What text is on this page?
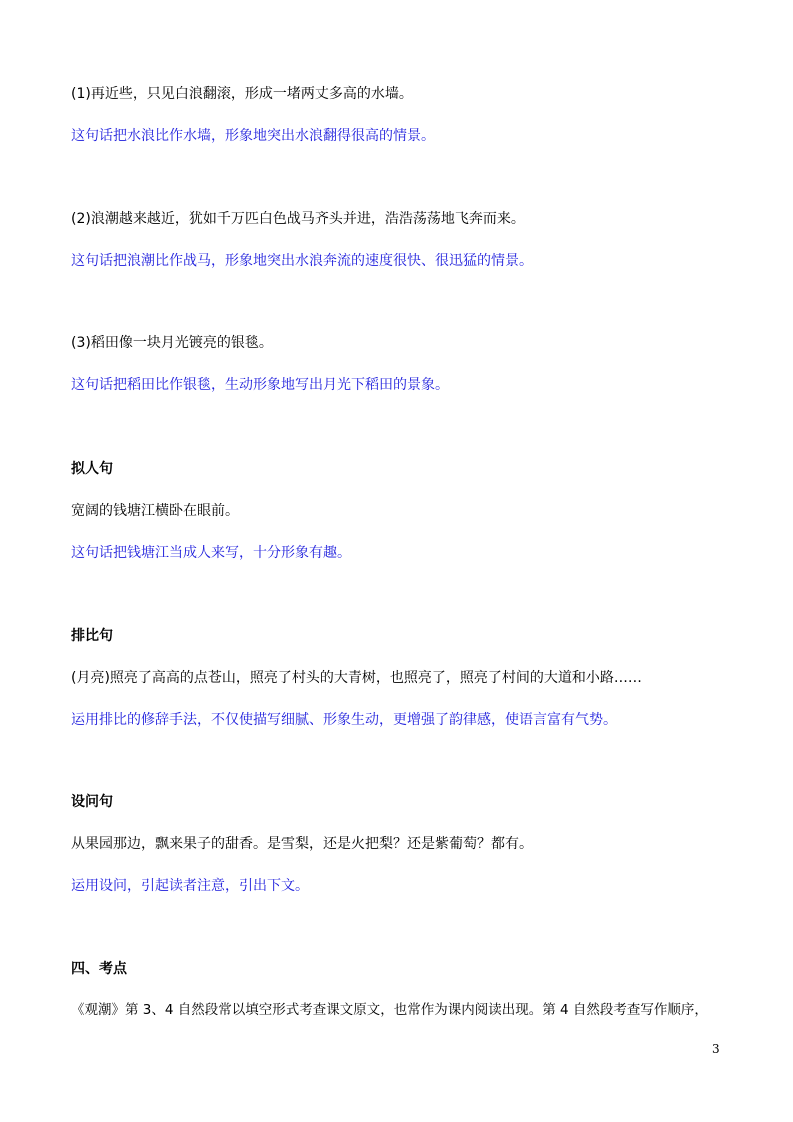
(1)再近些，只见白浪翻滚，形成一堵两丈多高的水墙。
这句话把水浪比作水墙，形象地突出水浪翻得很高的情景。
(2)浪潮越来越近，犹如千万匹白色战马齐头并进，浩浩荡荡地飞奔而来。
这句话把浪潮比作战马，形象地突出水浪奔流的速度很快、很迅猛的情景。
(3)稻田像一块月光镀亮的银毯。
这句话把稻田比作银毯，生动形象地写出月光下稻田的景象。
拟人句
宽阔的钱塘江横卧在眼前。
这句话把钱塘江当成人来写，十分形象有趣。
排比句
(月亮)照亮了高高的点苍山，照亮了村头的大青树，也照亮了，照亮了村间的大道和小路……
运用排比的修辞手法，不仅使描写细腻、形象生动，更增强了韵律感，使语言富有气势。
设问句
从果园那边，飘来果子的甜香。是雪梨，还是火把梨？还是紫葡萄？都有。
运用设问，引起读者注意，引出下文。
四、考点
《观潮》第 3、4 自然段常以填空形式考查课文原文，也常作为课内阅读出现。第 4 自然段考查写作顺序，
3
